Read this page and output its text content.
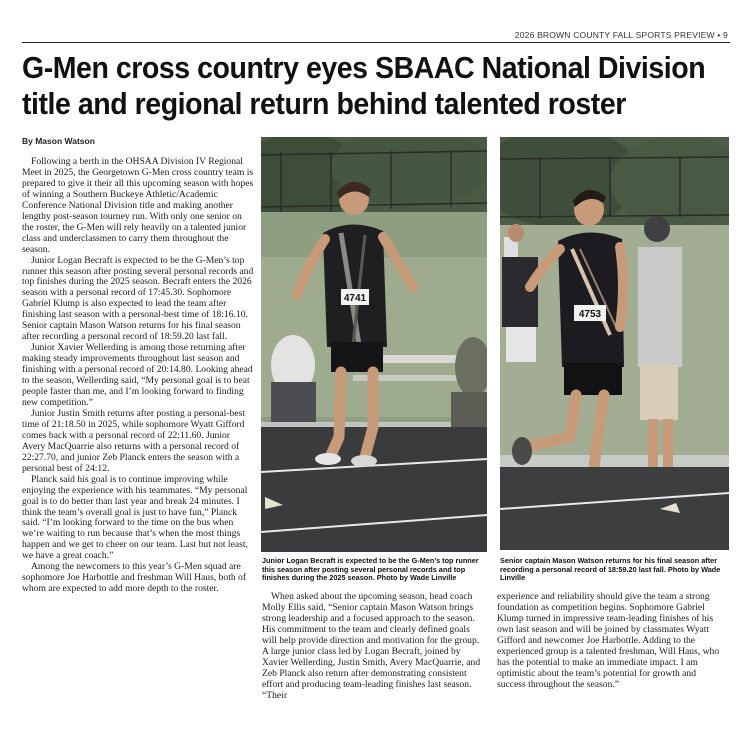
2026 BROWN COUNTY FALL SPORTS PREVIEW • 9
G-Men cross country eyes SBAAC National Division
title and regional return behind talented roster
By Mason Watson

Following a berth in the OHSAA Division IV Regional Meet in 2025, the Georgetown G-Men cross country team is prepared to give it their all this upcoming season with hopes of winning a Southern Buckeye Athletic/Academic Conference National Division title and making another lengthy post-season tourney run. With only one senior on the roster, the G-Men will rely heavily on a talented junior class and underclassmen to carry them throughout the season.

Junior Logan Becraft is expected to be the G-Men’s top runner this season after posting several personal records and top finishes during the 2025 season. Becraft enters the 2026 season with a personal record of 17:45.30. Sophomore Gabriel Klump is also expected to lead the team after finishing last season with a personal-best time of 18:16.10. Senior captain Mason Watson returns for his final season after recording a personal record of 18:59.20 last fall.

Junior Xavier Wellerding is among those returning after making steady improvements throughout last season and finishing with a personal record of 20:14.80. Looking ahead to the season, Wellerding said, “My personal goal is to beat people faster than me, and I’m looking forward to finding new competition.”

Junior Justin Smith returns after posting a personal-best time of 21:18.50 in 2025, while sophomore Wyatt Gifford comes back with a personal record of 22:11.60. Junior Avery MacQuarrie also returns with a personal record of 22:27.70, and junior Zeb Planck enters the season with a personal best of 24:12.

Planck said his goal is to continue improving while enjoying the experience with his teammates. “My personal goal is to do better than last year and break 24 minutes. I think the team’s overall goal is just to have fun,” Planck said. “I’m looking forward to the time on the bus when we’re waiting to run because that’s when the most things happen and we get to cheer on our team. Last but not least, we have a great coach.”

Among the newcomers to this year’s G-Men squad are sophomore Joe Harbottle and freshman Will Haus, both of whom are expected to add more depth to the roster.

4741
4753
Junior Logan Becraft is expected to be the G-Men’s top runner this season after posting several personal records and top finishes during the 2025 season. Photo by Wade Linville
Senior captain Mason Watson returns for his final season after recording a personal record of 18:59.20 last fall. Photo by Wade Linville

When asked about the upcoming season, head coach Molly Ellis said, “Senior captain Mason Watson brings strong leadership and a focused approach to the season. His commitment to the team and clearly defined goals will help provide direction and motivation for the group. A large junior class led by Logan Becraft, joined by Xavier Wellerding, Justin Smith, Avery MacQuarrie, and Zeb Planck also return after demonstrating consistent effort and producing team-leading finishes last season. “Their

experience and reliability should give the team a strong foundation as competition begins. Sophomore Gabriel Klump turned in impressive team-leading finishes of his own last season and will be joined by classmates Wyatt Gifford and newcomer Joe Harbottle. Adding to the experienced group is a talented freshman, Will Haus, who has the potential to make an immediate impact. I am optimistic about the team’s potential for growth and success throughout the season.”
